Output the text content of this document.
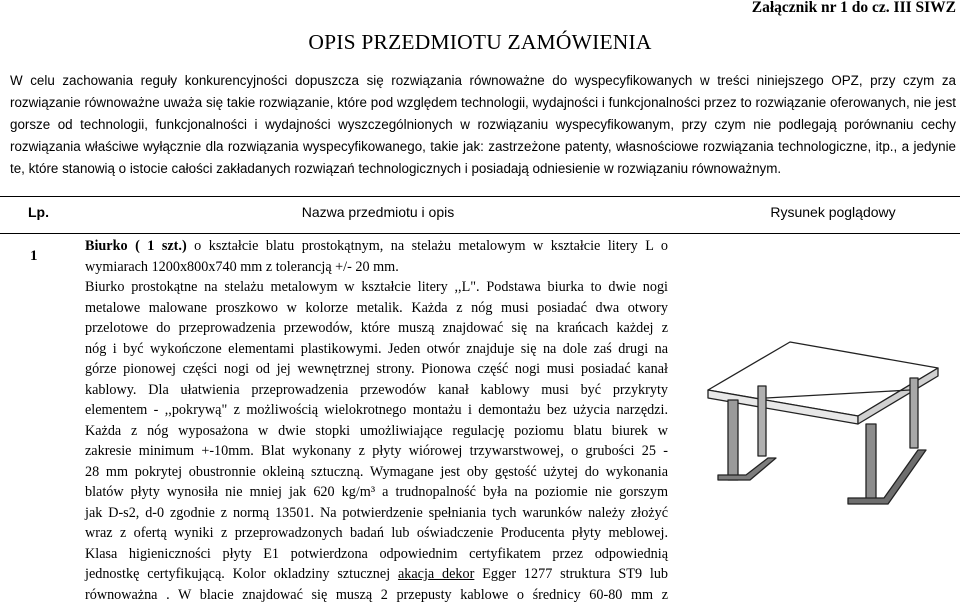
Załącznik nr 1 do cz. III SIWZ
OPIS PRZEDMIOTU ZAMÓWIENIA

W celu zachowania reguły konkurencyjności dopuszcza się rozwiązania równoważne do wyspecyfikowanych w treści niniejszego OPZ, przy czym za rozwiązanie równoważne uważa się takie rozwiązanie, które pod względem technologii, wydajności i funkcjonalności przez to rozwiązanie oferowanych, nie jest gorsze od technologii, funkcjonalności i wydajności wyszczególnionych w rozwiązaniu wyspecyfikowanym, przy czym nie podlegają porównaniu cechy rozwiązania właściwe wyłącznie dla rozwiązania wyspecyfikowanego, takie jak: zastrzeżone patenty, własnościowe rozwiązania technologiczne, itp., a jedynie te, które stanowią o istocie całości zakładanych rozwiązań technologicznych i posiadają odniesienie w rozwiązaniu równoważnym.

Lp.	Nazwa przedmiotu i opis	Rysunek poglądowy
1
Biurko ( 1 szt.) o kształcie blatu prostokątnym, na stelażu metalowym w kształcie litery L o
wymiarach 1200x800x740 mm z tolerancją +/- 20 mm.
Biurko prostokątne na stelażu metalowym w kształcie litery ,,L". Podstawa biurka to dwie nogi
metalowe malowane proszkowo w kolorze metalik. Każda z nóg musi posiadać dwa otwory
przelotowe do przeprowadzenia przewodów, które muszą znajdować się na krańcach każdej z
nóg i być wykończone elementami plastikowymi. Jeden otwór znajduje się na dole zaś drugi na
górze pionowej części nogi od jej wewnętrznej strony. Pionowa część nogi musi posiadać kanał
kablowy. Dla ułatwienia przeprowadzenia przewodów kanał kablowy musi być przykryty
elementem - ,,pokrywą" z możliwością wielokrotnego montażu i demontażu bez użycia narzędzi.
Każda z nóg wyposażona w dwie stopki umożliwiające regulację poziomu blatu biurek w
zakresie minimum +-10mm. Blat wykonany z płyty wiórowej trzywarstwowej, o grubości 25 -
28 mm pokrytej obustronnie okleiną sztuczną. Wymagane jest oby gęstość użytej do wykonania
blatów płyty wynosiła nie mniej jak 620 kg/m³ a trudnopalność była na poziomie nie gorszym
jak D-s2, d-0 zgodnie z normą 13501. Na potwierdzenie spełniania tych warunków należy złożyć
wraz z ofertą wyniki z przeprowadzonych badań lub oświadczenie Producenta płyty meblowej.
Klasa higieniczności płyty E1 potwierdzona odpowiednim certyfikatem przez odpowiednią
jednostkę certyfikującą. Kolor okladziny sztucznej akacja dekor Egger 1277 struktura ST9 lub
równoważna . W blacie znajdować się muszą 2 przepusty kablowe o średnicy 60-80 mm z
